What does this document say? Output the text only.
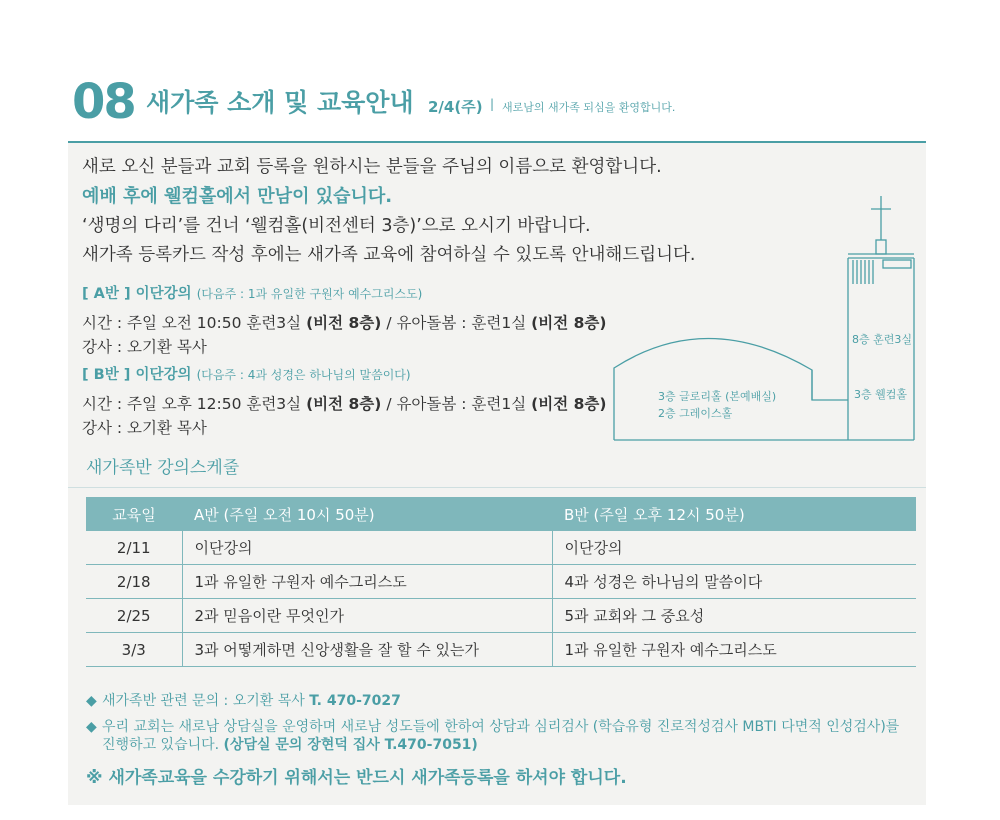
08 새가족 소개 및 교육안내 2/4(주) | 새로남의 새가족 되심을 환영합니다.
새로 오신 분들과 교회 등록을 원하시는 분들을 주님의 이름으로 환영합니다.
예배 후에 웰컴홀에서 만남이 있습니다.
‘생명의 다리’를 건너 ‘웰컴홀(비전센터 3층)’으로 오시기 바랍니다.
새가족 등록카드 작성 후에는 새가족 교육에 참여하실 수 있도록 안내해드립니다.
[ A반 ] 이단강의 (다음주 : 1과 유일한 구원자 예수그리스도)
시간 : 주일 오전 10:50 훈련3실 (비전 8층) / 유아돌봄 : 훈련1실 (비전 8층)
강사 : 오기환 목사
[ B반 ] 이단강의 (다음주 : 4과 성경은 하나님의 말씀이다)
시간 : 주일 오후 12:50 훈련3실 (비전 8층) / 유아돌봄 : 훈련1실 (비전 8층)
강사 : 오기환 목사
8층 훈련3실
3층 웰컴홀
3층 글로리홀 (본예배실)
2층 그레이스홀
새가족반 강의스케줄
교육일	A반 (주일 오전 10시 50분)	B반 (주일 오후 12시 50분)
2/11	이단강의	이단강의
2/18	1과 유일한 구원자 예수그리스도	4과 성경은 하나님의 말씀이다
2/25	2과 믿음이란 무엇인가	5과 교회와 그 중요성
3/3	3과 어떻게하면 신앙생활을 잘 할 수 있는가	1과 유일한 구원자 예수그리스도
◆ 새가족반 관련 문의 : 오기환 목사 T. 470-7027
◆ 우리 교회는 새로남 상담실을 운영하며 새로남 성도들에 한하여 상담과 심리검사 (학습유형 진로적성검사 MBTI 다면적 인성검사)를
진행하고 있습니다. (상담실 문의 장현덕 집사 T.470-7051)
※ 새가족교육을 수강하기 위해서는 반드시 새가족등록을 하셔야 합니다.
